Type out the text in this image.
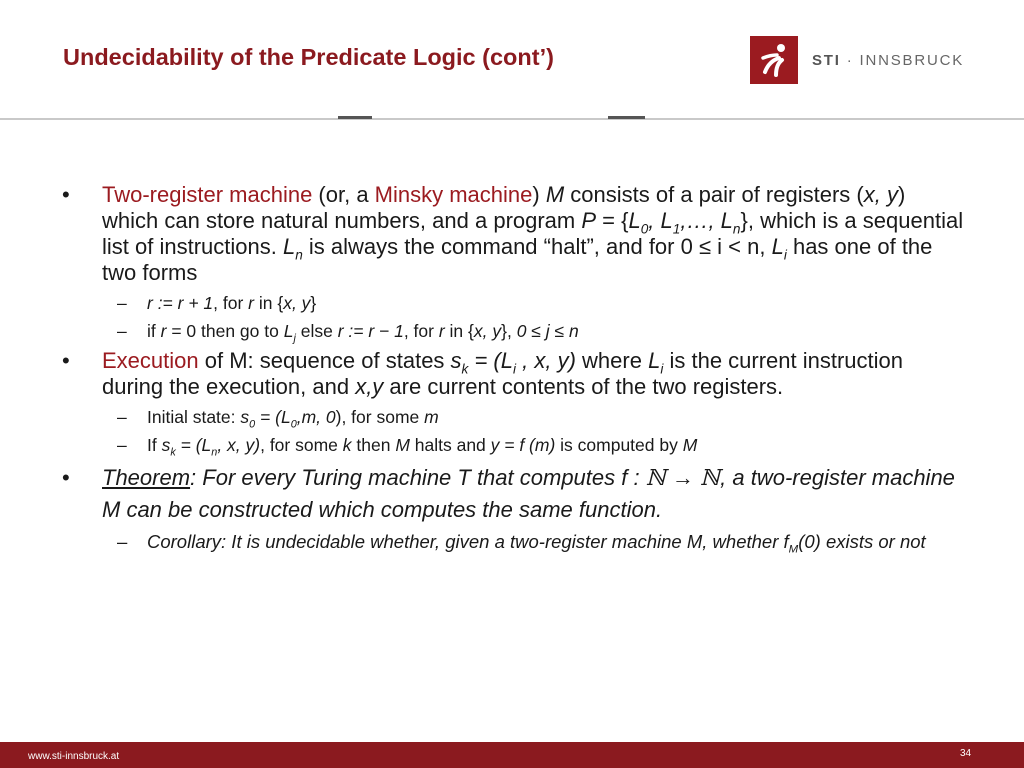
Undecidability of the Predicate Logic (cont’)	STI · INNSBRUCK
• Two-register machine (or, a Minsky machine) M consists of a pair of registers (x, y) which can store natural numbers, and a program $P = \{L_0$, $L_1,\dots$, $L_n$}, which is a sequential list of instructions. $L_n$ is always the command “halt”, and for 0 ≤ i < n, $L_i$ has one of the two forms
– r := r + 1, for r in {x, y}
– if r = 0 then go to $L_j$ else r := r − 1, for r in {x, y}, 0 ≤ j ≤ n
• Execution of M: sequence of states $s_k = (L_i$ , x, y) where $L_i$ is the current instruction during the execution, and x,y are current contents of the two registers.
– Initial state: $s_0 = (L_0,m$, 0), for some m
– If $s_k = (L_n$, x, y), for some k then M halts and y = f (m) is computed by M
• Theorem: For every Turing machine T that computes f : ℕ → ℕ, a two-register machine M can be constructed which computes the same function.
– Corollary: It is undecidable whether, given a two-register machine M, whether $f_M(0)$ exists or not
www.sti-innsbruck.at	34
